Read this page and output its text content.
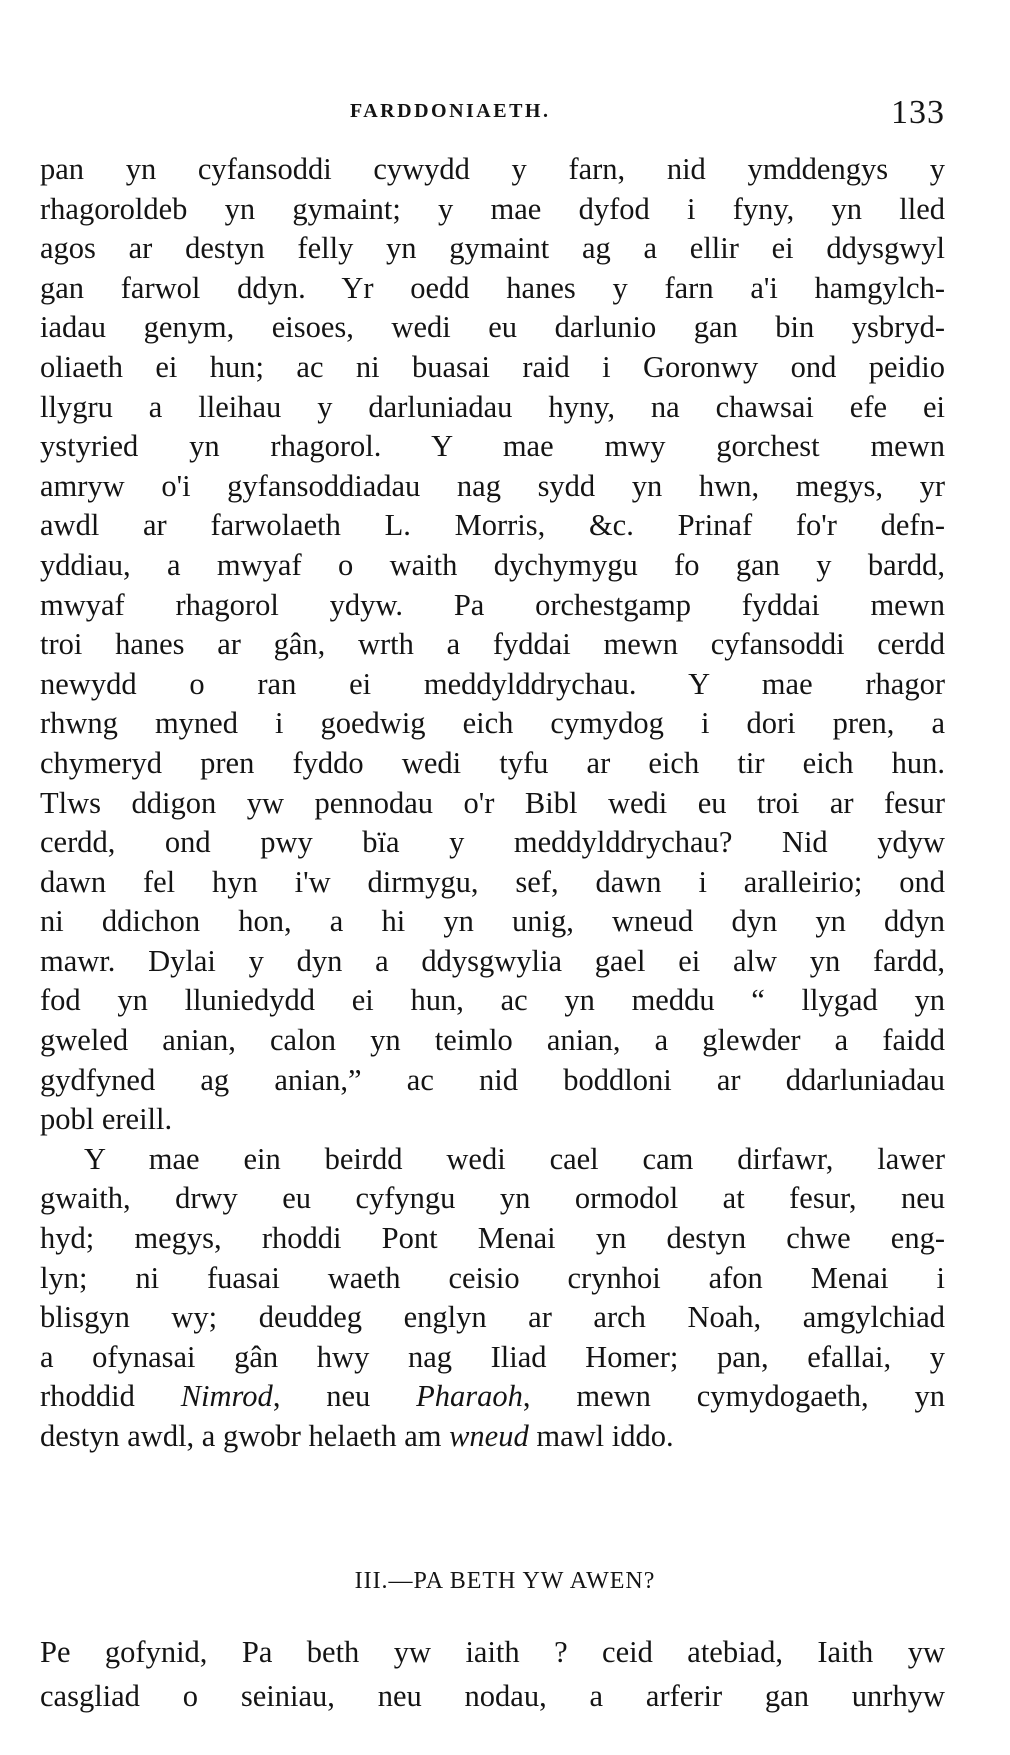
FARDDONIAETH.	133

pan yn cyfansoddi cywydd y farn, nid ymddengys y
rhagoroldeb yn gymaint; y mae dyfod i fyny, yn lled
agos ar destyn felly yn gymaint ag a ellir ei ddysgwyl
gan farwol ddyn. Yr oedd hanes y farn a'i hamgylch-
iadau genym, eisoes, wedi eu darlunio gan bin ysbryd-
oliaeth ei hun; ac ni buasai raid i Goronwy ond peidio
llygru a lleihau y darluniadau hyny, na chawsai efe ei
ystyried yn rhagorol. Y mae mwy gorchest mewn
amryw o'i gyfansoddiadau nag sydd yn hwn, megys, yr
awdl ar farwolaeth L. Morris, &c. Prinaf fo'r defn-
yddiau, a mwyaf o waith dychymygu fo gan y bardd,
mwyaf rhagorol ydyw. Pa orchestgamp fyddai mewn
troi hanes ar gân, wrth a fyddai mewn cyfansoddi cerdd
newydd o ran ei meddylddrychau. Y mae rhagor
rhwng myned i goedwig eich cymydog i dori pren, a
chymeryd pren fyddo wedi tyfu ar eich tir eich hun.
Tlws ddigon yw pennodau o'r Bibl wedi eu troi ar fesur
cerdd, ond pwy bïa y meddylddrychau? Nid ydyw
dawn fel hyn i'w dirmygu, sef, dawn i aralleirio; ond
ni ddichon hon, a hi yn unig, wneud dyn yn ddyn
mawr. Dylai y dyn a ddysgwylia gael ei alw yn fardd,
fod yn lluniedydd ei hun, ac yn meddu “ llygad yn
gweled anian, calon yn teimlo anian, a glewder a faidd
gydfyned ag anian,” ac nid boddloni ar ddarluniadau
pobl ereill.

Y mae ein beirdd wedi cael cam dirfawr, lawer
gwaith, drwy eu cyfyngu yn ormodol at fesur, neu
hyd; megys, rhoddi Pont Menai yn destyn chwe eng-
lyn; ni fuasai waeth ceisio crynhoi afon Menai i
blisgyn wy; deuddeg englyn ar arch Noah, amgylchiad
a ofynasai gân hwy nag Iliad Homer; pan, efallai, y
rhoddid Nimrod, neu Pharaoh, mewn cymydogaeth, yn
destyn awdl, a gwobr helaeth am wneud mawl iddo.

III.—PA BETH YW AWEN?
Pe gofynid, Pa beth yw iaith ? ceid atebiad, Iaith yw
casgliad o seiniau, neu nodau, a arferir gan unrhyw
